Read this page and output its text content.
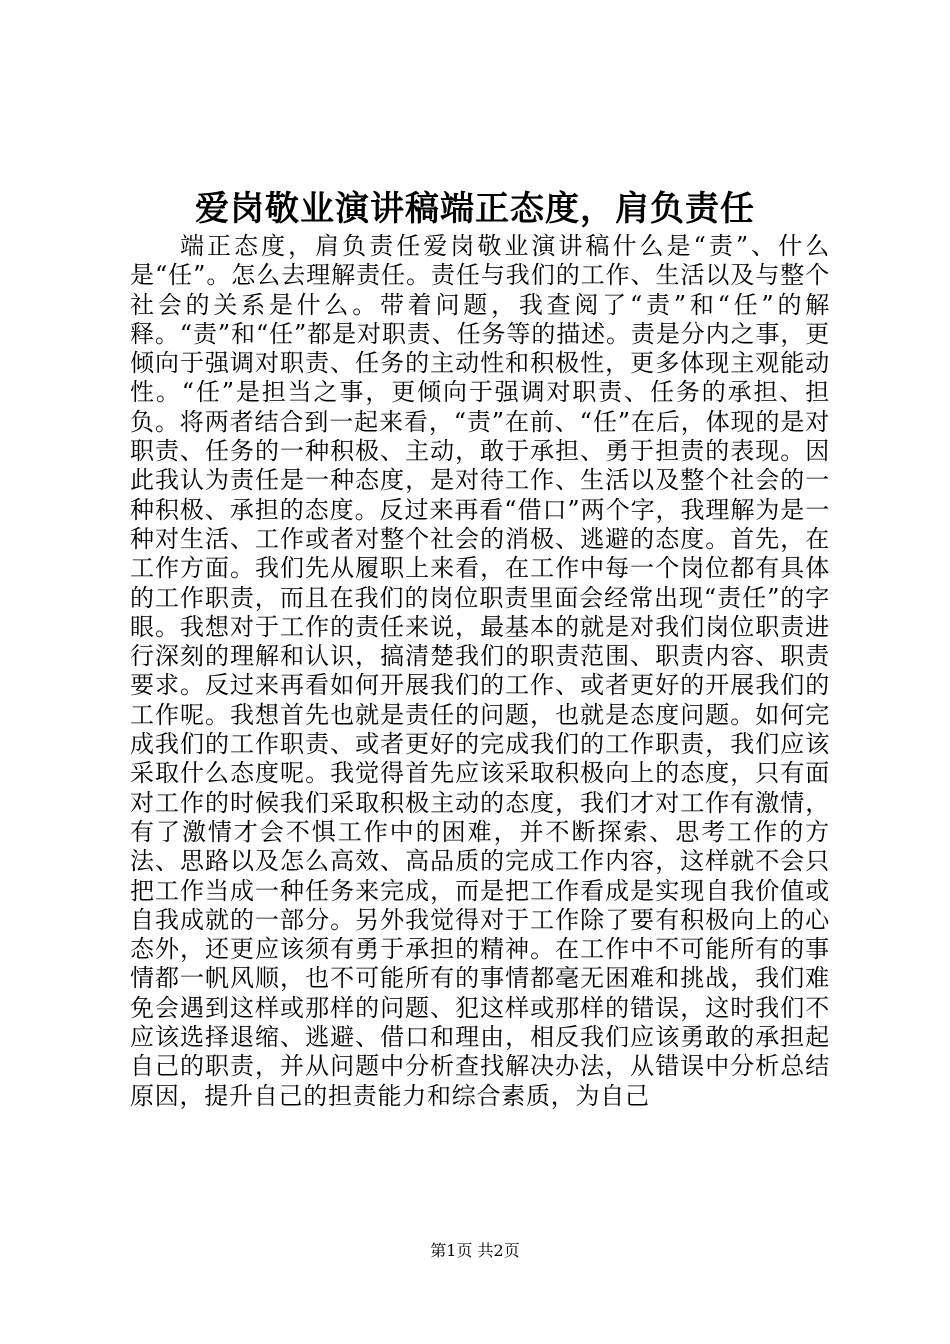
爱岗敬业演讲稿端正态度，肩负责任

端正态度，肩负责任爱岗敬业演讲稿什么是“责”、什么是“任”。怎么去理解责任。责任与我们的工作、生活以及与整个社会的关系是什么。带着问题，我查阅了“责”和“任”的解释。“责”和“任”都是对职责、任务等的描述。责是分内之事，更倾向于强调对职责、任务的主动性和积极性，更多体现主观能动性。“任”是担当之事，更倾向于强调对职责、任务的承担、担负。将两者结合到一起来看，“责”在前、“任”在后，体现的是对职责、任务的一种积极、主动，敢于承担、勇于担责的表现。因此我认为责任是一种态度，是对待工作、生活以及整个社会的一种积极、承担的态度。反过来再看“借口”两个字，我理解为是一种对生活、工作或者对整个社会的消极、逃避的态度。首先，在工作方面。我们先从履职上来看，在工作中每一个岗位都有具体的工作职责，而且在我们的岗位职责里面会经常出现“责任”的字眼。我想对于工作的责任来说，最基本的就是对我们岗位职责进行深刻的理解和认识，搞清楚我们的职责范围、职责内容、职责要求。反过来再看如何开展我们的工作、或者更好的开展我们的工作呢。我想首先也就是责任的问题，也就是态度问题。如何完成我们的工作职责、或者更好的完成我们的工作职责，我们应该采取什么态度呢。我觉得首先应该采取积极向上的态度，只有面对工作的时候我们采取积极主动的态度，我们才对工作有激情，有了激情才会不惧工作中的困难，并不断探索、思考工作的方法、思路以及怎么高效、高品质的完成工作内容，这样就不会只把工作当成一种任务来完成，而是把工作看成是实现自我价值或自我成就的一部分。另外我觉得对于工作除了要有积极向上的心态外，还更应该须有勇于承担的精神。在工作中不可能所有的事情都一帆风顺，也不可能所有的事情都毫无困难和挑战，我们难免会遇到这样或那样的问题、犯这样或那样的错误，这时我们不应该选择退缩、逃避、借口和理由，相反我们应该勇敢的承担起自己的职责，并从问题中分析查找解决办法，从错误中分析总结原因，提升自己的担责能力和综合素质，为自己

第1页 共2页
